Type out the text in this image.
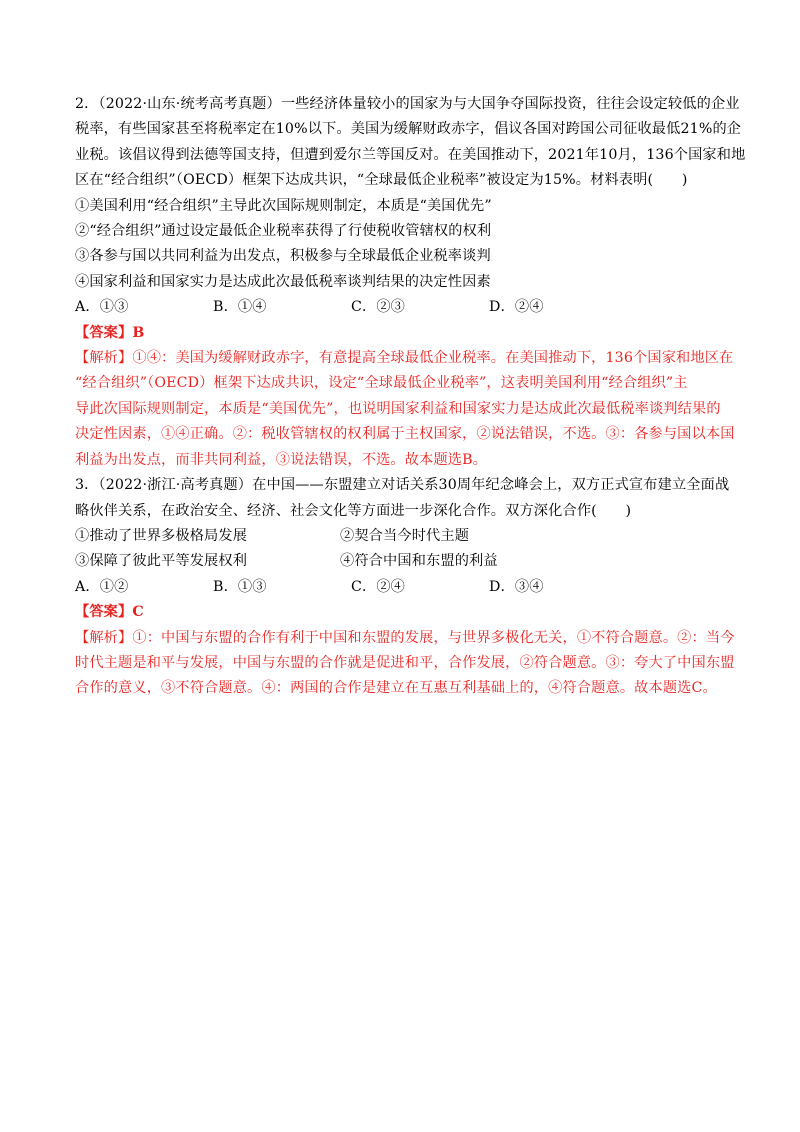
2．（2022·山东·统考高考真题）一些经济体量较小的国家为与大国争夺国际投资，往往会设定较低的企业
税率，有些国家甚至将税率定在10%以下。美国为缓解财政赤字，倡议各国对跨国公司征收最低21%的企
业税。该倡议得到法德等国支持，但遭到爱尔兰等国反对。在美国推动下，2021年10月，136个国家和地
区在“经合组织”（OECD）框架下达成共识，“全球最低企业税率”被设定为15%。材料表明(　　)
①美国利用“经合组织”主导此次国际规则制定，本质是“美国优先”
②“经合组织”通过设定最低企业税率获得了行使税收管辖权的权利
③各参与国以共同利益为出发点，积极参与全球最低企业税率谈判
④国家利益和国家实力是达成此次最低税率谈判结果的决定性因素
A．①③	B．①④	C．②③	D．②④
【答案】B
【解析】①④：美国为缓解财政赤字，有意提高全球最低企业税率。在美国推动下，136个国家和地区在
“经合组织”（OECD）框架下达成共识，设定“全球最低企业税率”，这表明美国利用“经合组织”主
导此次国际规则制定，本质是“美国优先”，也说明国家利益和国家实力是达成此次最低税率谈判结果的
决定性因素，①④正确。②：税收管辖权的权利属于主权国家，②说法错误，不选。③：各参与国以本国
利益为出发点，而非共同利益，③说法错误，不选。故本题选B。
3．（2022·浙江·高考真题）在中国——东盟建立对话关系30周年纪念峰会上，双方正式宣布建立全面战
略伙伴关系，在政治安全、经济、社会文化等方面进一步深化合作。双方深化合作(　　)
①推动了世界多极格局发展	②契合当今时代主题
③保障了彼此平等发展权利	④符合中国和东盟的利益
A．①②	B．①③	C．②④	D．③④
【答案】C
【解析】①：中国与东盟的合作有利于中国和东盟的发展，与世界多极化无关，①不符合题意。②：当今
时代主题是和平与发展，中国与东盟的合作就是促进和平，合作发展，②符合题意。③：夸大了中国东盟
合作的意义，③不符合题意。④：两国的合作是建立在互惠互利基础上的，④符合题意。故本题选C。
